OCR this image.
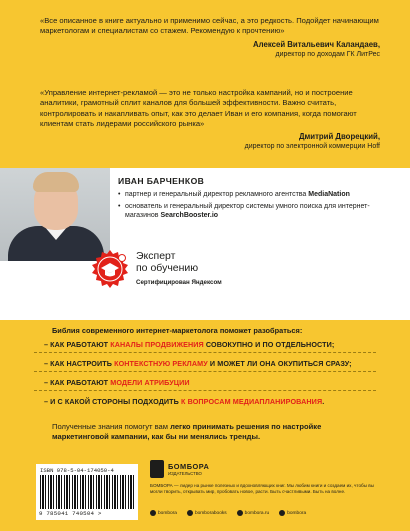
«Все описанное в книге актуально и применимо сейчас, а это редкость. Подойдет начинающим маркетологам и специалистам со стажем. Рекомендую к прочтению»
Алексей Витальевич Каландаев,
директор по доходам ГК ЛитРес
«Управление интернет-рекламой — это не только настройка кампаний, но и построение аналитики, грамотный сплит каналов для большей эффективности. Важно считать, контролировать и накапливать опыт, как это делает Иван и его компания, когда помогают клиентам стать лидерами российского рынка»
Дмитрий Дворецкий,
директор по электронной коммерции Hoff
ИВАН БАРЧЕНКОВ
• партнер и генеральный директор рекламного агентства MediaNation
• основатель и генеральный директор системы умного поиска для интернет-магазинов SearchBooster.io
Эксперт
по обучению
Сертифицирован Яндексом
Библия современного интернет-маркетолога поможет разобраться:
– КАК РАБОТАЮТ КАНАЛЫ ПРОДВИЖЕНИЯ СОВОКУПНО И ПО ОТДЕЛЬНОСТИ;
– КАК НАСТРОИТЬ КОНТЕКСТНУЮ РЕКЛАМУ И МОЖЕТ ЛИ ОНА ОКУПИТЬСЯ СРАЗУ;
– КАК РАБОТАЮТ МОДЕЛИ АТРИБУЦИИ
– И С КАКОЙ СТОРОНЫ ПОДХОДИТЬ К ВОПРОСАМ МЕДИАПЛАНИРОВАНИЯ.
Полученные знания помогут вам легко принимать решения по настройке маркетинговой кампании, как бы ни менялись тренды.
ISBN 978-5-04-174050-4
9 785041 740504 >
БОМБОРА
ИЗДАТЕЛЬСТВО
БОМБОРА — лидер на рынке полезных и вдохновляющих книг. Мы любим книги и создаем их, чтобы вы могли творить, открывать мир, пробовать новое, расти. Быть счастливыми. Быть на волне.
bombora	bomborabooks	bombora.ru	bombora
